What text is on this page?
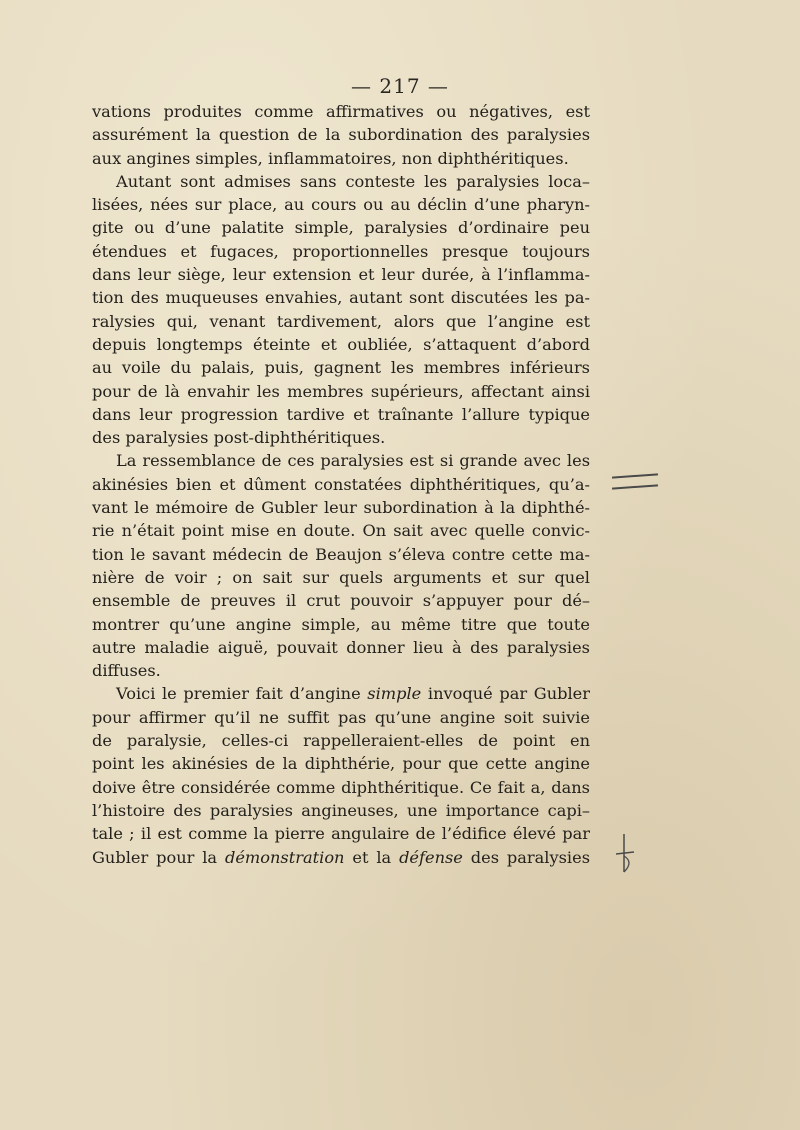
— 217 —
vations produites comme affirmatives ou négatives, est
assurément la question de la subordination des paralysies
aux angines simples, inflammatoires, non diphthéritiques.
Autant sont admises sans conteste les paralysies loca–
lisées, nées sur place, au cours ou au déclin d’une pharyn-
gite ou d’une palatite simple, paralysies d’ordinaire peu
étendues et fugaces, proportionnelles presque toujours
dans leur siège, leur extension et leur durée, à l’inflamma-
tion des muqueuses envahies, autant sont discutées les pa-
ralysies qui, venant tardivement, alors que l’angine est
depuis longtemps éteinte et oubliée, s’attaquent d’abord
au voile du palais, puis, gagnent les membres inférieurs
pour de là envahir les membres supérieurs, affectant ainsi
dans leur progression tardive et traînante l’allure typique
des paralysies post-diphthéritiques.
La ressemblance de ces paralysies est si grande avec les
akinésies bien et dûment constatées diphthéritiques, qu’a-
vant le mémoire de Gubler leur subordination à la diphthé-
rie n’était point mise en doute. On sait avec quelle convic-
tion le savant médecin de Beaujon s’éleva contre cette ma-
nière de voir ; on sait sur quels arguments et sur quel
ensemble de preuves il crut pouvoir s’appuyer pour dé–
montrer qu’une angine simple, au même titre que toute
autre maladie aiguë, pouvait donner lieu à des paralysies
diffuses.
Voici le premier fait d’angine simple invoqué par Gubler
pour affirmer qu’il ne suffit pas qu’une angine soit suivie
de paralysie, celles-ci rappelleraient-elles de point en
point les akinésies de la diphthérie, pour que cette angine
doive être considérée comme diphthéritique. Ce fait a, dans
l’histoire des paralysies angineuses, une importance capi–
tale ; il est comme la pierre angulaire de l’édifice élevé par
Gubler pour la démonstration et la défense des paralysies
